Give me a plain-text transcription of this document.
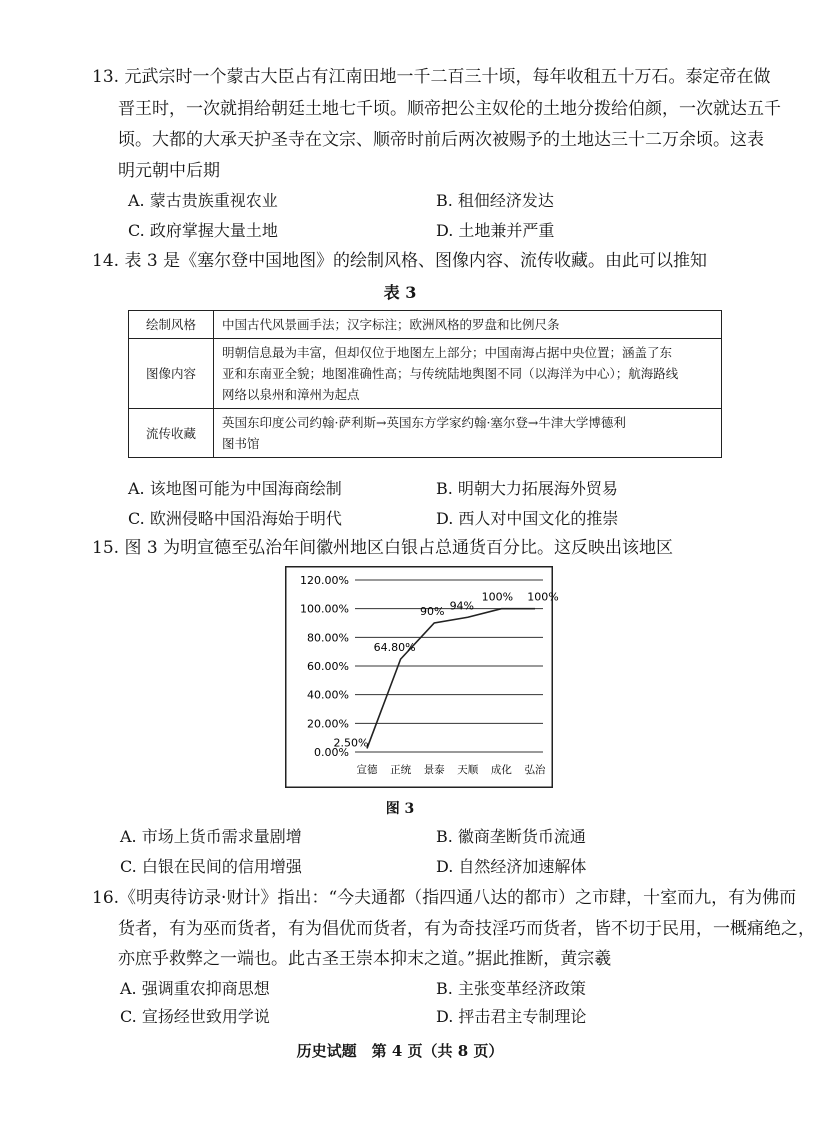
13. 元武宗时一个蒙古大臣占有江南田地一千二百三十顷，每年收租五十万石。泰定帝在做
晋王时，一次就捐给朝廷土地七千顷。顺帝把公主奴伦的土地分拨给伯颜，一次就达五千
顷。大都的大承天护圣寺在文宗、顺帝时前后两次被赐予的土地达三十二万余顷。这表
明元朝中后期
A. 蒙古贵族重视农业	B. 租佃经济发达
C. 政府掌握大量土地	D. 土地兼并严重
14. 表 3 是《塞尔登中国地图》的绘制风格、图像内容、流传收藏。由此可以推知
表 3
绘制风格	中国古代风景画手法；汉字标注；欧洲风格的罗盘和比例尺条

图像内容	明朝信息最为丰富，但却仅位于地图左上部分；中国南海占据中央位置；涵盖了东
亚和东南亚全貌；地图准确性高；与传统陆地舆图不同（以海洋为中心）；航海路线
网络以泉州和漳州为起点

流传收藏	英国东印度公司约翰·萨利斯→英国东方学家约翰·塞尔登→牛津大学博德利
图书馆
A. 该地图可能为中国海商绘制	B. 明朝大力拓展海外贸易
C. 欧洲侵略中国沿海始于明代	D. 西人对中国文化的推崇
15. 图 3 为明宣德至弘治年间徽州地区白银占总通货百分比。这反映出该地区
0.00%
20.00%
40.00%
60.00%
80.00%
100.00%
120.00%
宣德 正统 景泰 天顺 成化 弘治
2.50%
64.80%
90% 94%
100% 100%
图 3
A. 市场上货币需求量剧增	B. 徽商垄断货币流通
C. 白银在民间的信用增强	D. 自然经济加速解体
16.《明夷待访录·财计》指出：“今夫通都（指四通八达的都市）之市肆，十室而九，有为佛而
货者，有为巫而货者，有为倡优而货者，有为奇技淫巧而货者，皆不切于民用，一概痛绝之，
亦庶乎救弊之一端也。此古圣王崇本抑末之道。”据此推断，黄宗羲
A. 强调重农抑商思想	B. 主张变革经济政策
C. 宣扬经世致用学说	D. 抨击君主专制理论
历史试题　第 4 页（共 8 页）
